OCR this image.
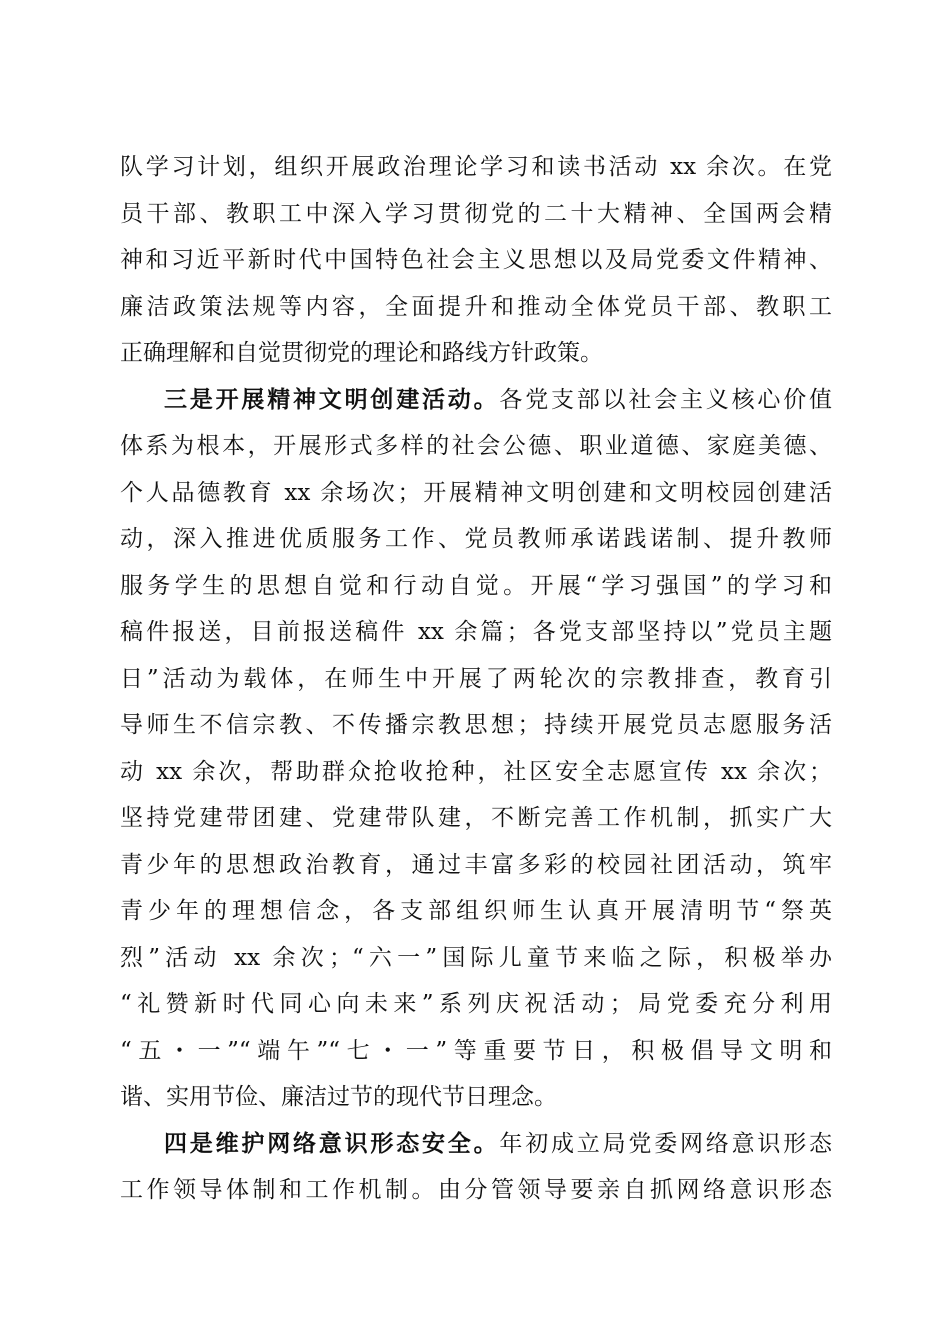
队学习计划，组织开展政治理论学习和读书活动 xx 余次。在党
员干部、教职工中深入学习贯彻党的二十大精神、全国两会精
神和习近平新时代中国特色社会主义思想以及局党委文件精神、
廉洁政策法规等内容，全面提升和推动全体党员干部、教职工
正确理解和自觉贯彻党的理论和路线方针政策。
三是开展精神文明创建活动。各党支部以社会主义核心价值
体系为根本，开展形式多样的社会公德、职业道德、家庭美德、
个人品德教育 xx 余场次；开展精神文明创建和文明校园创建活
动，深入推进优质服务工作、党员教师承诺践诺制、提升教师
服务学生的思想自觉和行动自觉。开展“学习强国”的学习和
稿件报送，目前报送稿件 xx 余篇；各党支部坚持以”党员主题
日”活动为载体，在师生中开展了两轮次的宗教排查，教育引
导师生不信宗教、不传播宗教思想；持续开展党员志愿服务活
动 xx 余次，帮助群众抢收抢种，社区安全志愿宣传 xx 余次；
坚持党建带团建、党建带队建，不断完善工作机制，抓实广大
青少年的思想政治教育，通过丰富多彩的校园社团活动，筑牢
青少年的理想信念，各支部组织师生认真开展清明节“祭英
烈”活动 xx 余次；“六一”国际儿童节来临之际，积极举办
“礼赞新时代同心向未来”系列庆祝活动；局党委充分利用
“五・一”“端午”“七・一”等重要节日，积极倡导文明和
谐、实用节俭、廉洁过节的现代节日理念。
四是维护网络意识形态安全。年初成立局党委网络意识形态
工作领导体制和工作机制。由分管领导要亲自抓网络意识形态
